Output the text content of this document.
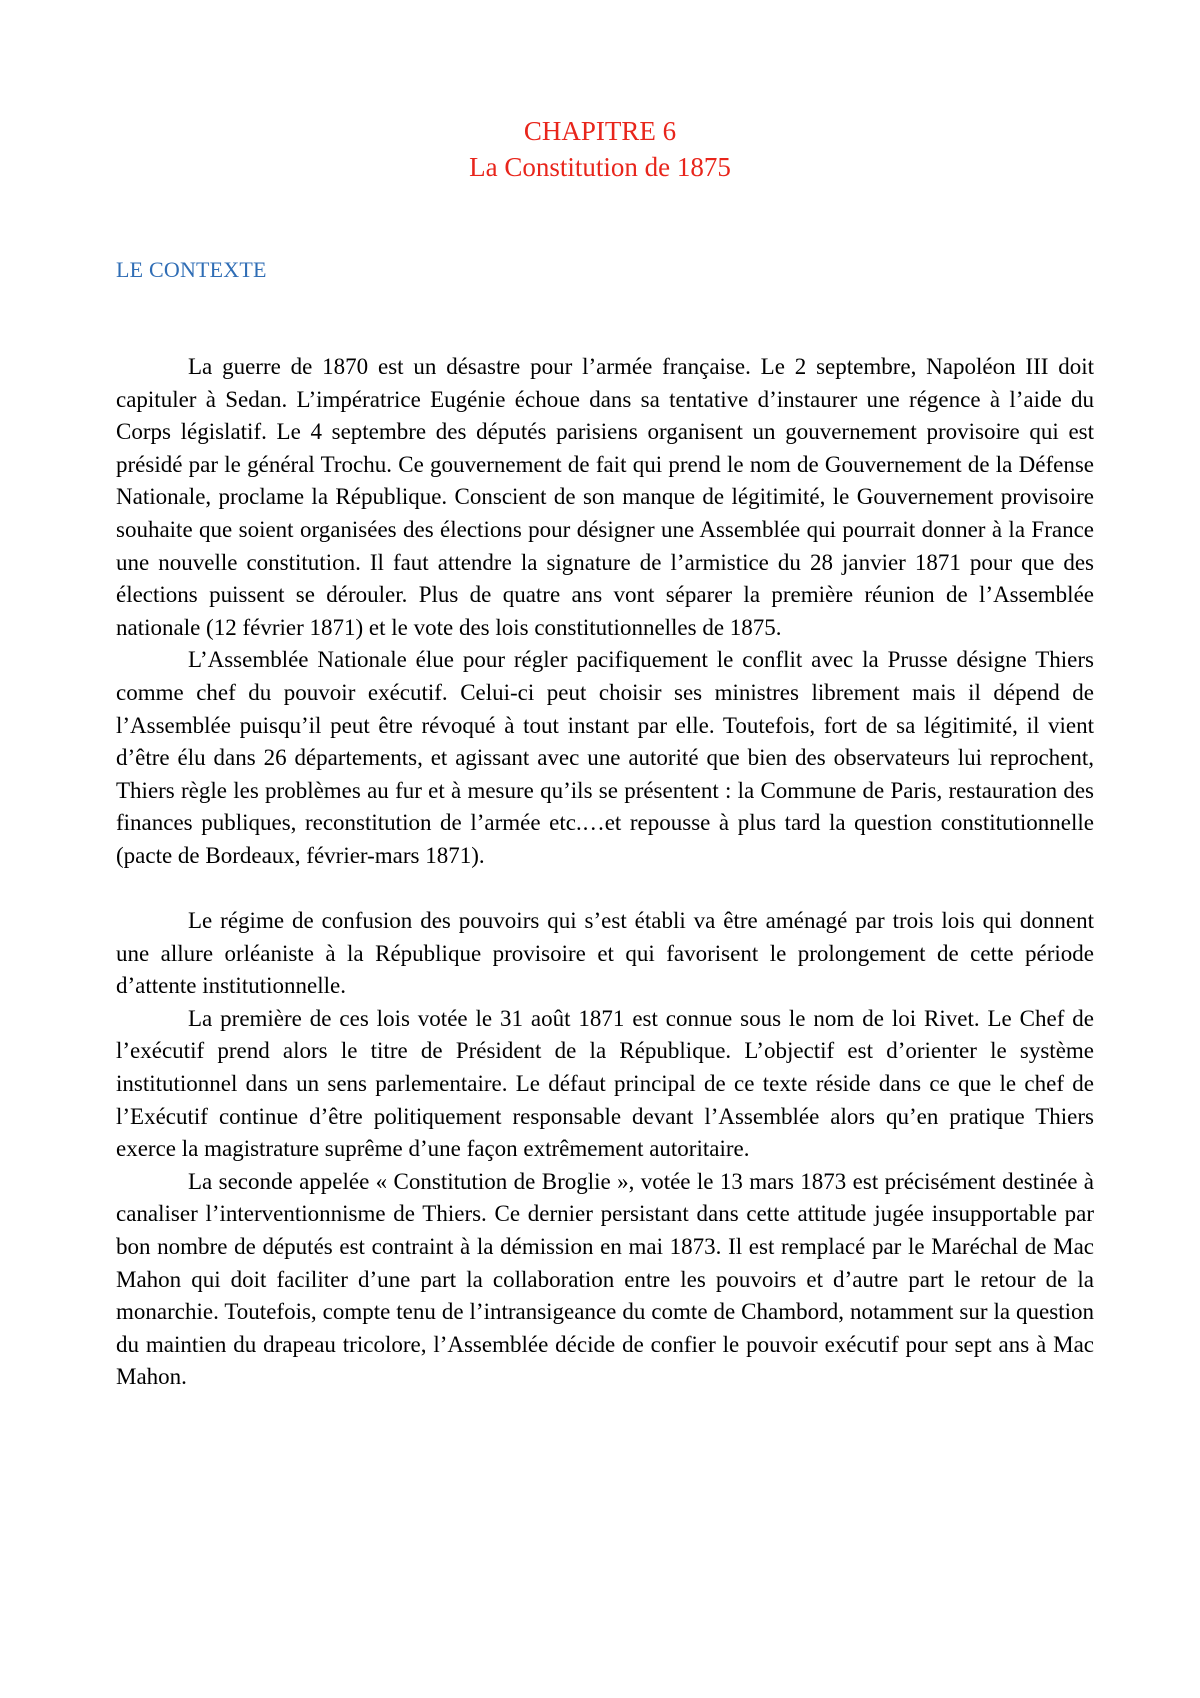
CHAPITRE 6
La Constitution de 1875
LE CONTEXTE

La guerre de 1870 est un désastre pour l’armée française. Le 2 septembre, Napoléon III doit capituler à Sedan. L’impératrice Eugénie échoue dans sa tentative d’instaurer une régence à l’aide du Corps législatif. Le 4 septembre des députés parisiens organisent un gouvernement provisoire qui est présidé par le général Trochu. Ce gouvernement de fait qui prend le nom de Gouvernement de la Défense Nationale, proclame la République. Conscient de son manque de légitimité, le Gouvernement provisoire souhaite que soient organisées des élections pour désigner une Assemblée qui pourrait donner à la France une nouvelle constitution. Il faut attendre la signature de l’armistice du 28 janvier 1871 pour que des élections puissent se dérouler. Plus de quatre ans vont séparer la première réunion de l’Assemblée nationale (12 février 1871) et le vote des lois constitutionnelles de 1875.

L’Assemblée Nationale élue pour régler pacifiquement le conflit avec la Prusse désigne Thiers comme chef du pouvoir exécutif. Celui-ci peut choisir ses ministres librement mais il dépend de l’Assemblée puisqu’il peut être révoqué à tout instant par elle. Toutefois, fort de sa légitimité, il vient d’être élu dans 26 départements, et agissant avec une autorité que bien des observateurs lui reprochent, Thiers règle les problèmes au fur et à mesure qu’ils se présentent : la Commune de Paris, restauration des finances publiques, reconstitution de l’armée etc.…et repousse à plus tard la question constitutionnelle (pacte de Bordeaux, février-mars 1871).

Le régime de confusion des pouvoirs qui s’est établi va être aménagé par trois lois qui donnent une allure orléaniste à la République provisoire et qui favorisent le prolongement de cette période d’attente institutionnelle.

La première de ces lois votée le 31 août 1871 est connue sous le nom de loi Rivet. Le Chef de l’exécutif prend alors le titre de Président de la République. L’objectif est d’orienter le système institutionnel dans un sens parlementaire. Le défaut principal de ce texte réside dans ce que le chef de l’Exécutif continue d’être politiquement responsable devant l’Assemblée alors qu’en pratique Thiers exerce la magistrature suprême d’une façon extrêmement autoritaire.

La seconde appelée « Constitution de Broglie », votée le 13 mars 1873 est précisément destinée à canaliser l’interventionnisme de Thiers. Ce dernier persistant dans cette attitude jugée insupportable par bon nombre de députés est contraint à la démission en mai 1873. Il est remplacé par le Maréchal de Mac Mahon qui doit faciliter d’une part la collaboration entre les pouvoirs et d’autre part le retour de la monarchie. Toutefois, compte tenu de l’intransigeance du comte de Chambord, notamment sur la question du maintien du drapeau tricolore, l’Assemblée décide de confier le pouvoir exécutif pour sept ans à Mac Mahon.
